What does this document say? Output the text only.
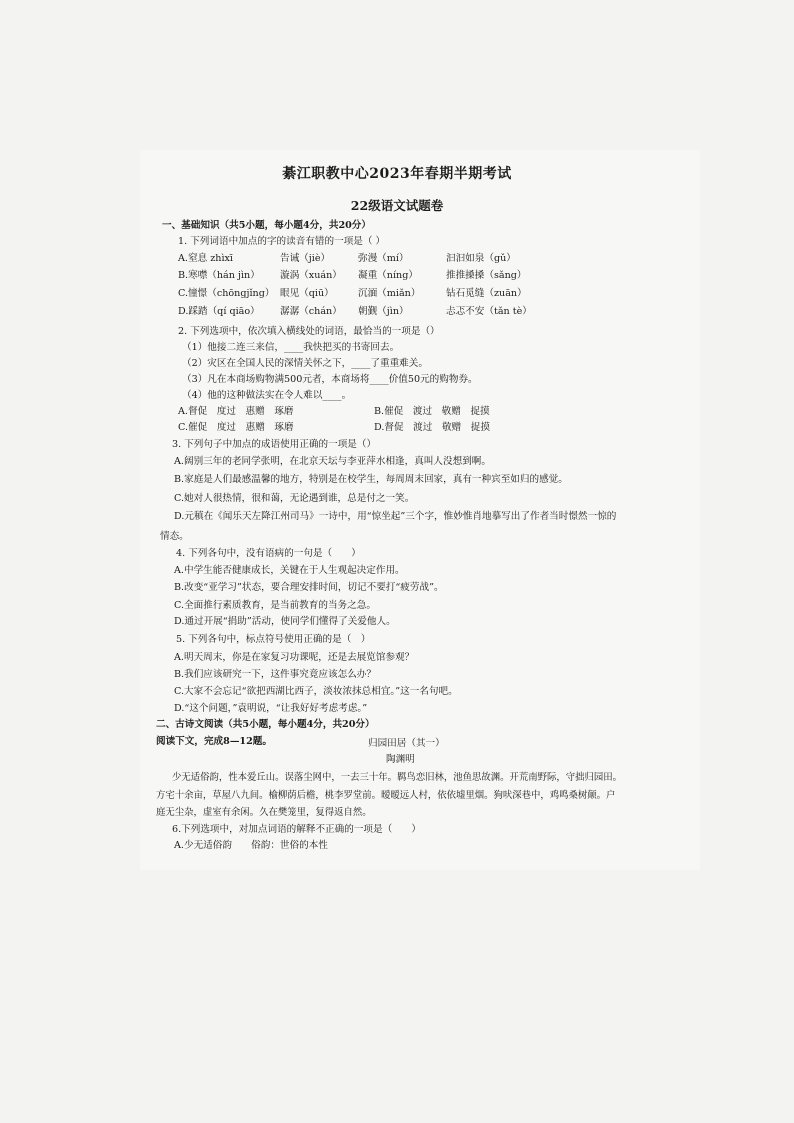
綦江职教中心2023年春期半期考试
22级语文试题卷
一、基础知识（共5小题，每小题4分，共20分）
1. 下列词语中加点的字的读音有错的一项是（ ）
A.窒息 zhìxī	告诫（jiè）	弥漫（mí）	汩汩如泉（gǔ）
B.寒噤（hán jìn） 漩涡（xuán） 凝重（níng）	推推搡搡（sǎng）
C.憧憬（chōngjǐng） 眼见（qiū）	沉湎（miǎn）	钻石觅缝（zuān）
D.踩踏（qí qiāo） 潺潺（chán） 朝觐（jìn）	忐忑不安（tǎn tè）
2. 下列选项中，依次填入横线处的词语，最恰当的一项是（）
（1）他接二连三来信，____我快把买的书寄回去。
（2）灾区在全国人民的深情关怀之下，____了重重难关。
（3）凡在本商场购物满500元者，本商场将____价值50元的购物券。
（4）他的这种做法实在令人难以____。
A.督促　度过　惠赠　琢磨	B.催促　渡过　敬赠　捉摸
C.催促　度过　惠赠　琢磨	D.督促　渡过　敬赠　捉摸
3. 下列句子中加点的成语使用正确的一项是（）
A.阔别三年的老同学张明，在北京天坛与李亚萍水相逢，真叫人没想到啊。
B.家庭是人们最感温馨的地方，特别是在校学生，每周周末回家，真有一种宾至如归的感觉。
C.她对人很热情，很和蔼，无论遇到谁，总是付之一笑。
D.元稹在《闻乐天左降江州司马》一诗中，用“惊坐起”三个字，惟妙惟肖地摹写出了作者当时憬然一惊的
情态。
4. 下列各句中，没有语病的一句是（　　）
A.中学生能否健康成长，关键在于人生观起决定作用。
B.改变“亚学习”状态，要合理安排时间，切记不要打“疲劳战”。
C.全面推行素质教育，是当前教育的当务之急。
D.通过开展“捐助”活动，使同学们懂得了关爱他人。
5. 下列各句中，标点符号使用正确的是（　）
A.明天周末，你是在家复习功课呢，还是去展览馆参观？
B.我们应该研究一下，这件事究竟应该怎么办？
C.大家不会忘记“欲把西湖比西子，淡妆浓抹总相宜。”这一名句吧。
D.“这个问题，”袁明说，“让我好好考虑考虑。”
二、古诗文阅读（共5小题，每小题4分，共20分）
阅读下文，完成8—12题。	归园田居（其一）
陶渊明
少无适俗韵，性本爱丘山。误落尘网中，一去三十年。羁鸟恋旧林，池鱼思故渊。开荒南野际，守拙归园田。
方宅十余亩，草屋八九间。榆柳荫后檐，桃李罗堂前。暧暧远人村，依依墟里烟。狗吠深巷中，鸡鸣桑树颠。户
庭无尘杂，虚室有余闲。久在樊笼里，复得返自然。
6.下列选项中，对加点词语的解释不正确的一项是（　　）
A.少无适俗韵　　俗韵：世俗的本性
